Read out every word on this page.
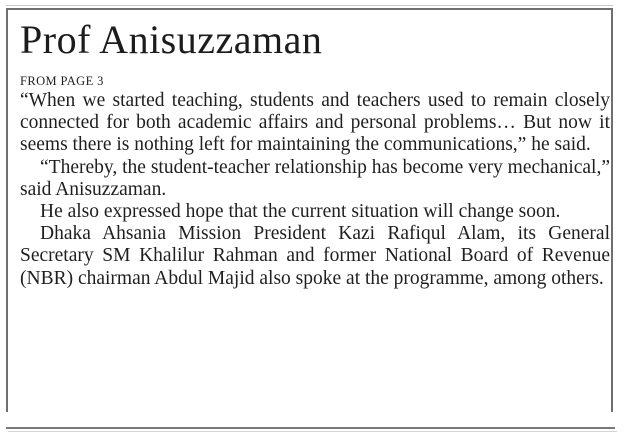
Prof Anisuzzaman
FROM PAGE 3

“When we started teaching, students and teachers used to remain closely connected for both academic affairs and personal problems… But now it seems there is nothing left for maintaining the communications,” he said.

“Thereby, the student-teacher relationship has become very mechanical,” said Anisuzzaman.

He also expressed hope that the current situation will change soon.

Dhaka Ahsania Mission President Kazi Rafiqul Alam, its General Secretary SM Khalilur Rahman and former National Board of Revenue (NBR) chairman Abdul Majid also spoke at the programme, among others.
